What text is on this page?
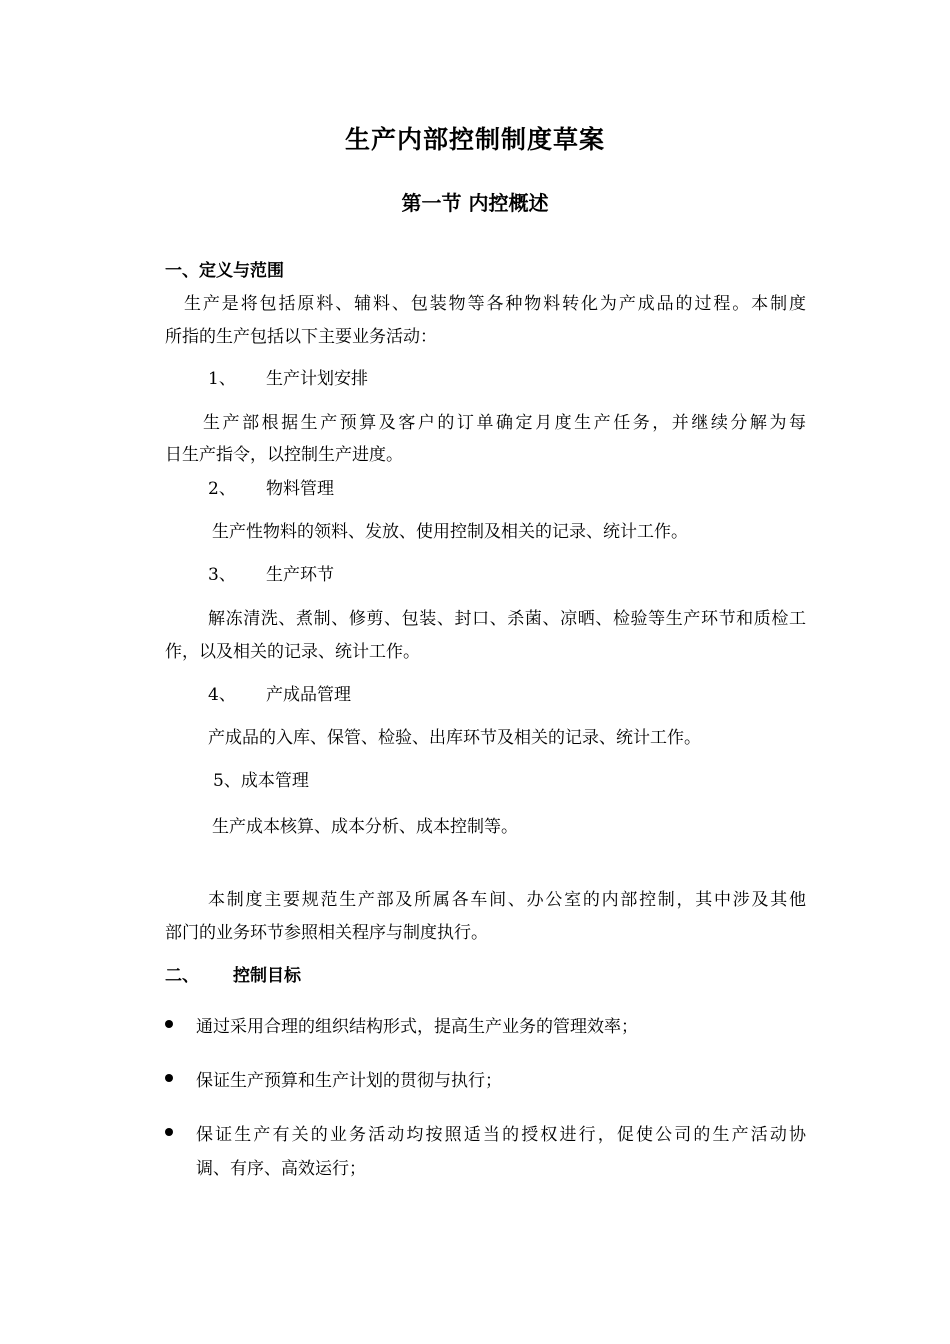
生产内部控制制度草案
第一节 内控概述
一、定义与范围
生产是将包括原料、辅料、包装物等各种物料转化为产成品的过程。本制度
所指的生产包括以下主要业务活动：
1、 生产计划安排
生产部根据生产预算及客户的订单确定月度生产任务，并继续分解为每
日生产指令，以控制生产进度。
2、 物料管理
生产性物料的领料、发放、使用控制及相关的记录、统计工作。
3、 生产环节
解冻清洗、煮制、修剪、包装、封口、杀菌、凉晒、检验等生产环节和质检工
作，以及相关的记录、统计工作。
4、 产成品管理
产成品的入库、保管、检验、出库环节及相关的记录、统计工作。
5、成本管理
生产成本核算、成本分析、成本控制等。
本制度主要规范生产部及所属各车间、办公室的内部控制，其中涉及其他
部门的业务环节参照相关程序与制度执行。
二、 控制目标
通过采用合理的组织结构形式，提高生产业务的管理效率；
保证生产预算和生产计划的贯彻与执行；
保证生产有关的业务活动均按照适当的授权进行，促使公司的生产活动协
调、有序、高效运行；
